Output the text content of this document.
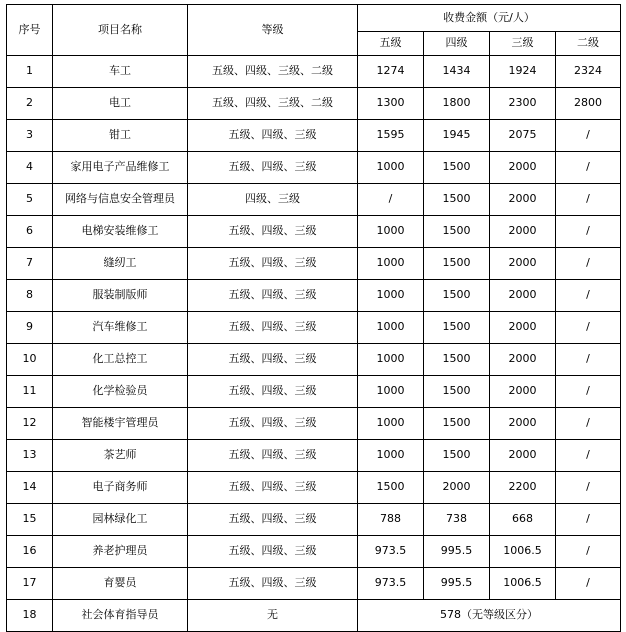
序号	项目名称	等级	收费金额（元/人）			
			五级	四级	三级	二级
1	车工	五级、四级、三级、二级	1274	1434	1924	2324
2	电工	五级、四级、三级、二级	1300	1800	2300	2800
3	钳工	五级、四级、三级	1595	1945	2075	/
4	家用电子产品维修工	五级、四级、三级	1000	1500	2000	/
5	网络与信息安全管理员	四级、三级	/	1500	2000	/
6	电梯安装维修工	五级、四级、三级	1000	1500	2000	/
7	缝纫工	五级、四级、三级	1000	1500	2000	/
8	服装制版师	五级、四级、三级	1000	1500	2000	/
9	汽车维修工	五级、四级、三级	1000	1500	2000	/
10	化工总控工	五级、四级、三级	1000	1500	2000	/
11	化学检验员	五级、四级、三级	1000	1500	2000	/
12	智能楼宇管理员	五级、四级、三级	1000	1500	2000	/
13	茶艺师	五级、四级、三级	1000	1500	2000	/
14	电子商务师	五级、四级、三级	1500	2000	2200	/
15	园林绿化工	五级、四级、三级	788	738	668	/
16	养老护理员	五级、四级、三级	973.5	995.5	1006.5	/
17	育婴员	五级、四级、三级	973.5	995.5	1006.5	/
18	社会体育指导员	无	578（无等级区分）			
